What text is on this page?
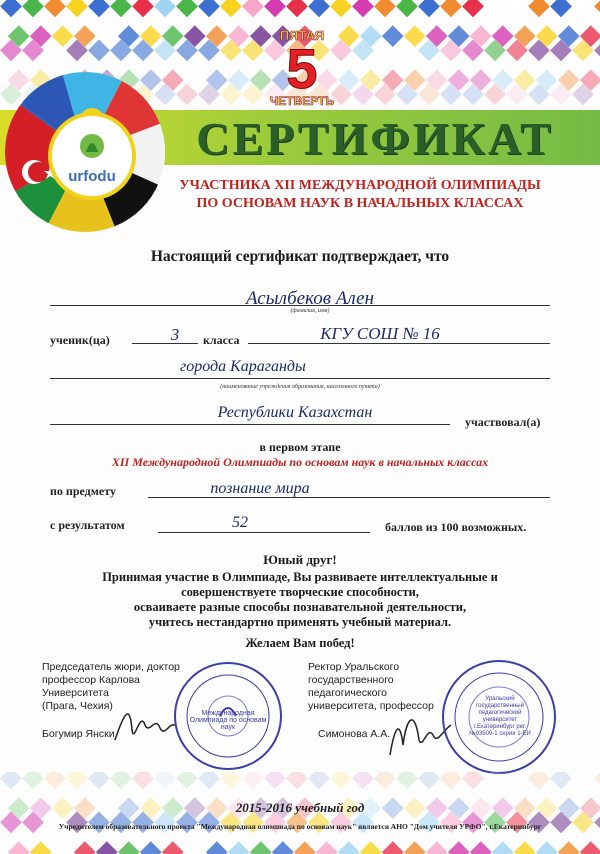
urfodu
ПЯТАЯ
5
ЧЕТВЕРТЬ
СЕРТИФИКАТ
УЧАСТНИКА XII МЕЖДУНАРОДНОЙ ОЛИМПИАДЫ
ПО ОСНОВАМ НАУК В НАЧАЛЬНЫХ КЛАССАХ
Настоящий сертификат подтверждает, что
Асылбеков Ален
(фамилия, имя)
ученик(ца)	3	класса	КГУ СОШ № 16
города Караганды
(наименование учреждения образования, населенного пункта)
Республики Казахстан
участвовал(а)
в первом этапе
XII Международной Олимпиады по основам наук в начальных классах
по предмету	познание мира
с результатом	52	баллов из 100 возможных.
Юный друг!
Принимая участие в Олимпиаде, Вы развиваете интеллектуальные и
совершенствуете творческие способности,
осваиваете разные способы познавательной деятельности,
учитесь нестандартно применять учебный материал.
Желаем Вам побед!
Председатель жюри, доктор
профессор Карлова
Университета
(Прага, Чехия)
Богумир Янски
Международная Олимпиада по основам наук
Ректор Уральского
государственного
педагогического
университета, профессор
Симонова А.А.
Уральский государственный педагогический университет г.Екатеринбург рег. №03509-1 серия 1-ЕИ
2015-2016 учебный год
Учредителем образовательного проекта "Международная олимпиада по основам наук" является АНО "Дом учителя УРФО", г.Екатеринбург
